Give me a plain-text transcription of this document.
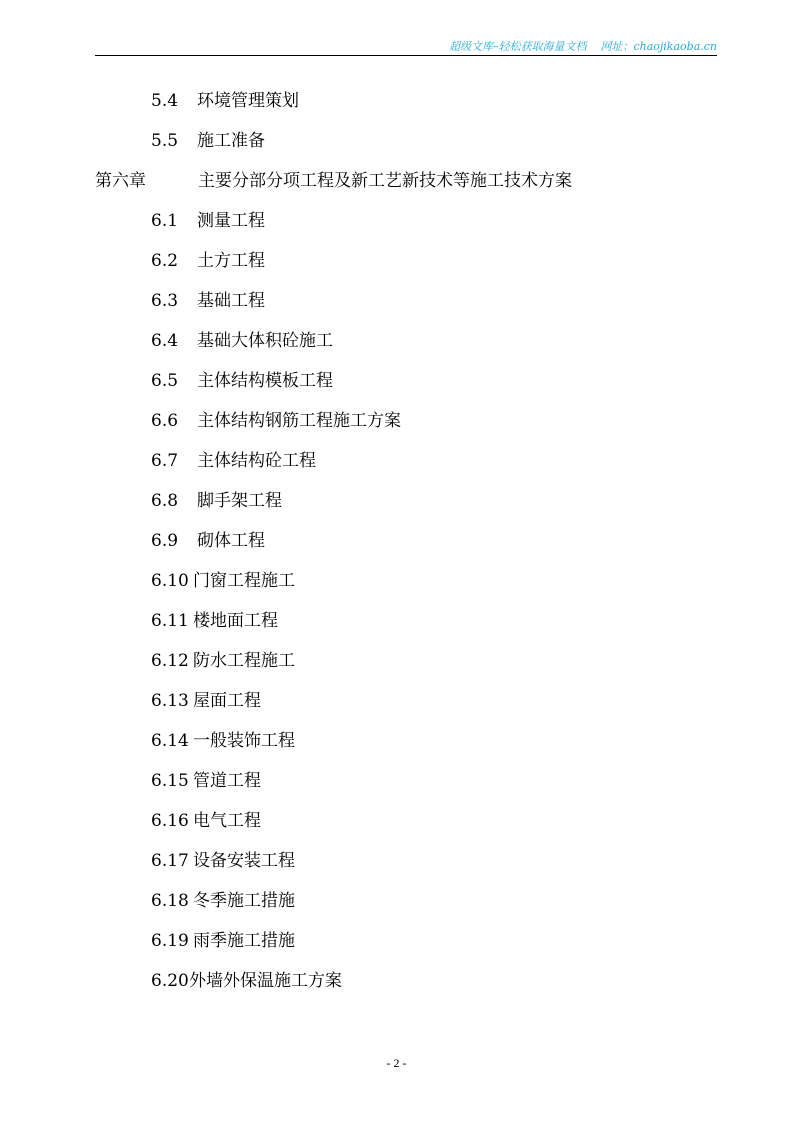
超级文库–轻松获取海量文档 网址：chaojikaoba.cn
5.4 环境管理策划
5.5 施工准备
第六章	主要分部分项工程及新工艺新技术等施工技术方案
6.1 测量工程
6.2 土方工程
6.3 基础工程
6.4 基础大体积砼施工
6.5 主体结构模板工程
6.6 主体结构钢筋工程施工方案
6.7 主体结构砼工程
6.8 脚手架工程
6.9 砌体工程
6.10 门窗工程施工
6.11 楼地面工程
6.12 防水工程施工
6.13 屋面工程
6.14 一般装饰工程
6.15 管道工程
6.16 电气工程
6.17 设备安装工程
6.18 冬季施工措施
6.19 雨季施工措施
6.20外墙外保温施工方案
- 2 -
